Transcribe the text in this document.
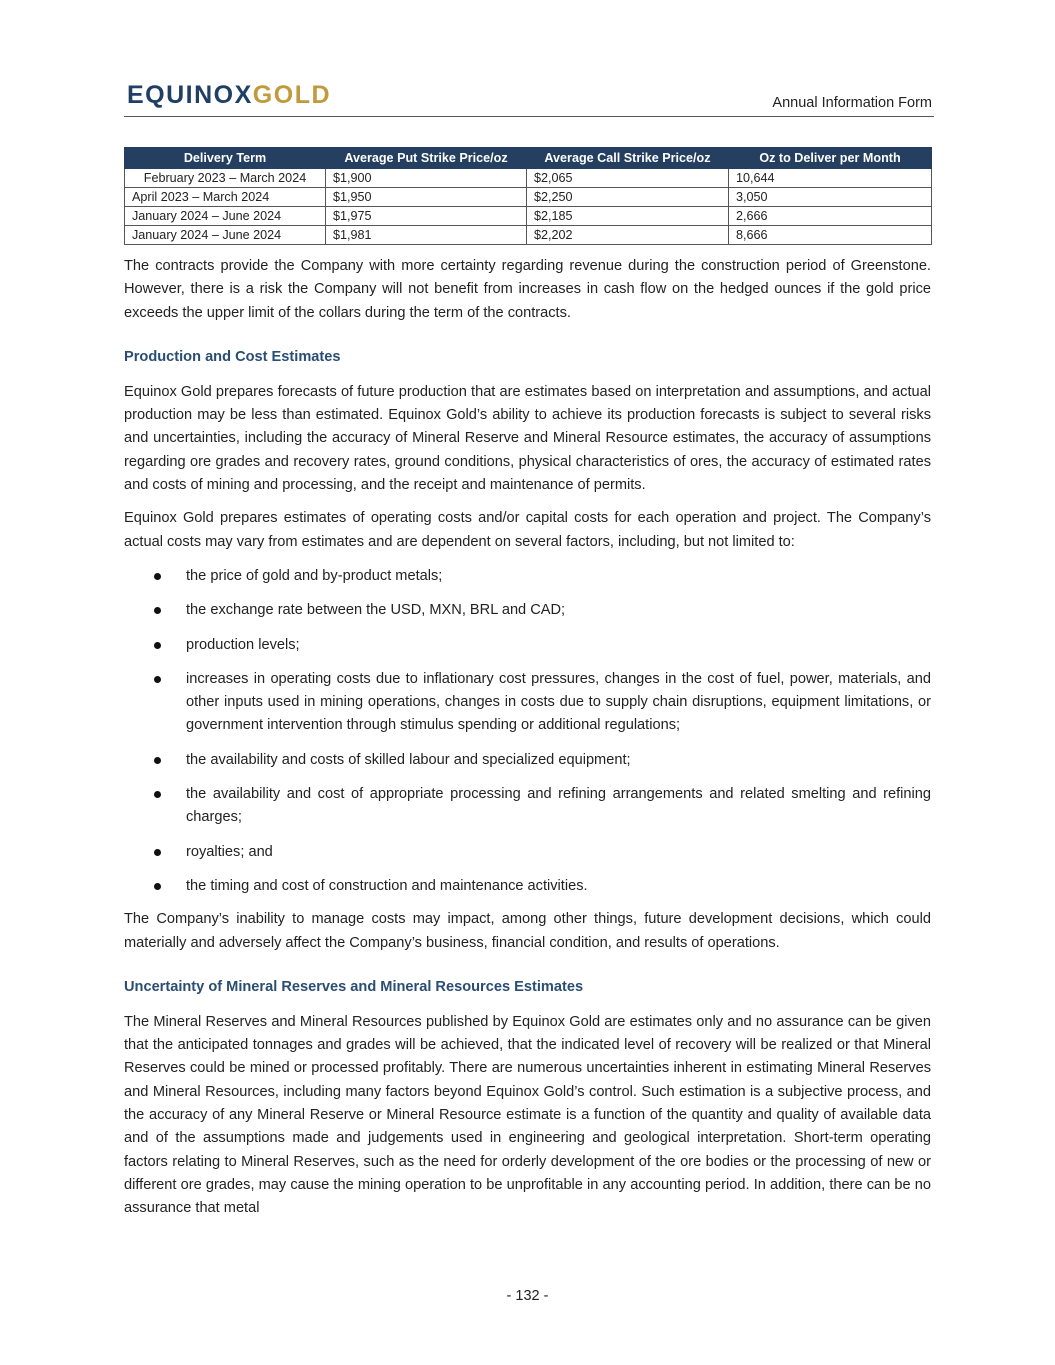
EQUINOXGOLD	Annual Information Form
Delivery Term	Average Put Strike Price/oz	Average Call Strike Price/oz	Oz to Deliver per Month
February 2023 – March 2024	$1,900	$2,065	10,644
April 2023 – March 2024	$1,950	$2,250	3,050
January 2024 – June 2024	$1,975	$2,185	2,666
January 2024 – June 2024	$1,981	$2,202	8,666

The contracts provide the Company with more certainty regarding revenue during the construction period of Greenstone. However, there is a risk the Company will not benefit from increases in cash flow on the hedged ounces if the gold price exceeds the upper limit of the collars during the term of the contracts.

Production and Cost Estimates

Equinox Gold prepares forecasts of future production that are estimates based on interpretation and assumptions, and actual production may be less than estimated. Equinox Gold’s ability to achieve its production forecasts is subject to several risks and uncertainties, including the accuracy of Mineral Reserve and Mineral Resource estimates, the accuracy of assumptions regarding ore grades and recovery rates, ground conditions, physical characteristics of ores, the accuracy of estimated rates and costs of mining and processing, and the receipt and maintenance of permits.

Equinox Gold prepares estimates of operating costs and/or capital costs for each operation and project. The Company’s actual costs may vary from estimates and are dependent on several factors, including, but not limited to:

the price of gold and by-product metals;
the exchange rate between the USD, MXN, BRL and CAD;
production levels;
increases in operating costs due to inflationary cost pressures, changes in the cost of fuel, power, materials, and other inputs used in mining operations, changes in costs due to supply chain disruptions, equipment limitations, or government intervention through stimulus spending or additional regulations;
the availability and costs of skilled labour and specialized equipment;
the availability and cost of appropriate processing and refining arrangements and related smelting and refining charges;
royalties; and
the timing and cost of construction and maintenance activities.

The Company’s inability to manage costs may impact, among other things, future development decisions, which could materially and adversely affect the Company’s business, financial condition, and results of operations.

Uncertainty of Mineral Reserves and Mineral Resources Estimates

The Mineral Reserves and Mineral Resources published by Equinox Gold are estimates only and no assurance can be given that the anticipated tonnages and grades will be achieved, that the indicated level of recovery will be realized or that Mineral Reserves could be mined or processed profitably. There are numerous uncertainties inherent in estimating Mineral Reserves and Mineral Resources, including many factors beyond Equinox Gold’s control. Such estimation is a subjective process, and the accuracy of any Mineral Reserve or Mineral Resource estimate is a function of the quantity and quality of available data and of the assumptions made and judgements used in engineering and geological interpretation. Short-term operating factors relating to Mineral Reserves, such as the need for orderly development of the ore bodies or the processing of new or different ore grades, may cause the mining operation to be unprofitable in any accounting period. In addition, there can be no assurance that metal

- 132 -
